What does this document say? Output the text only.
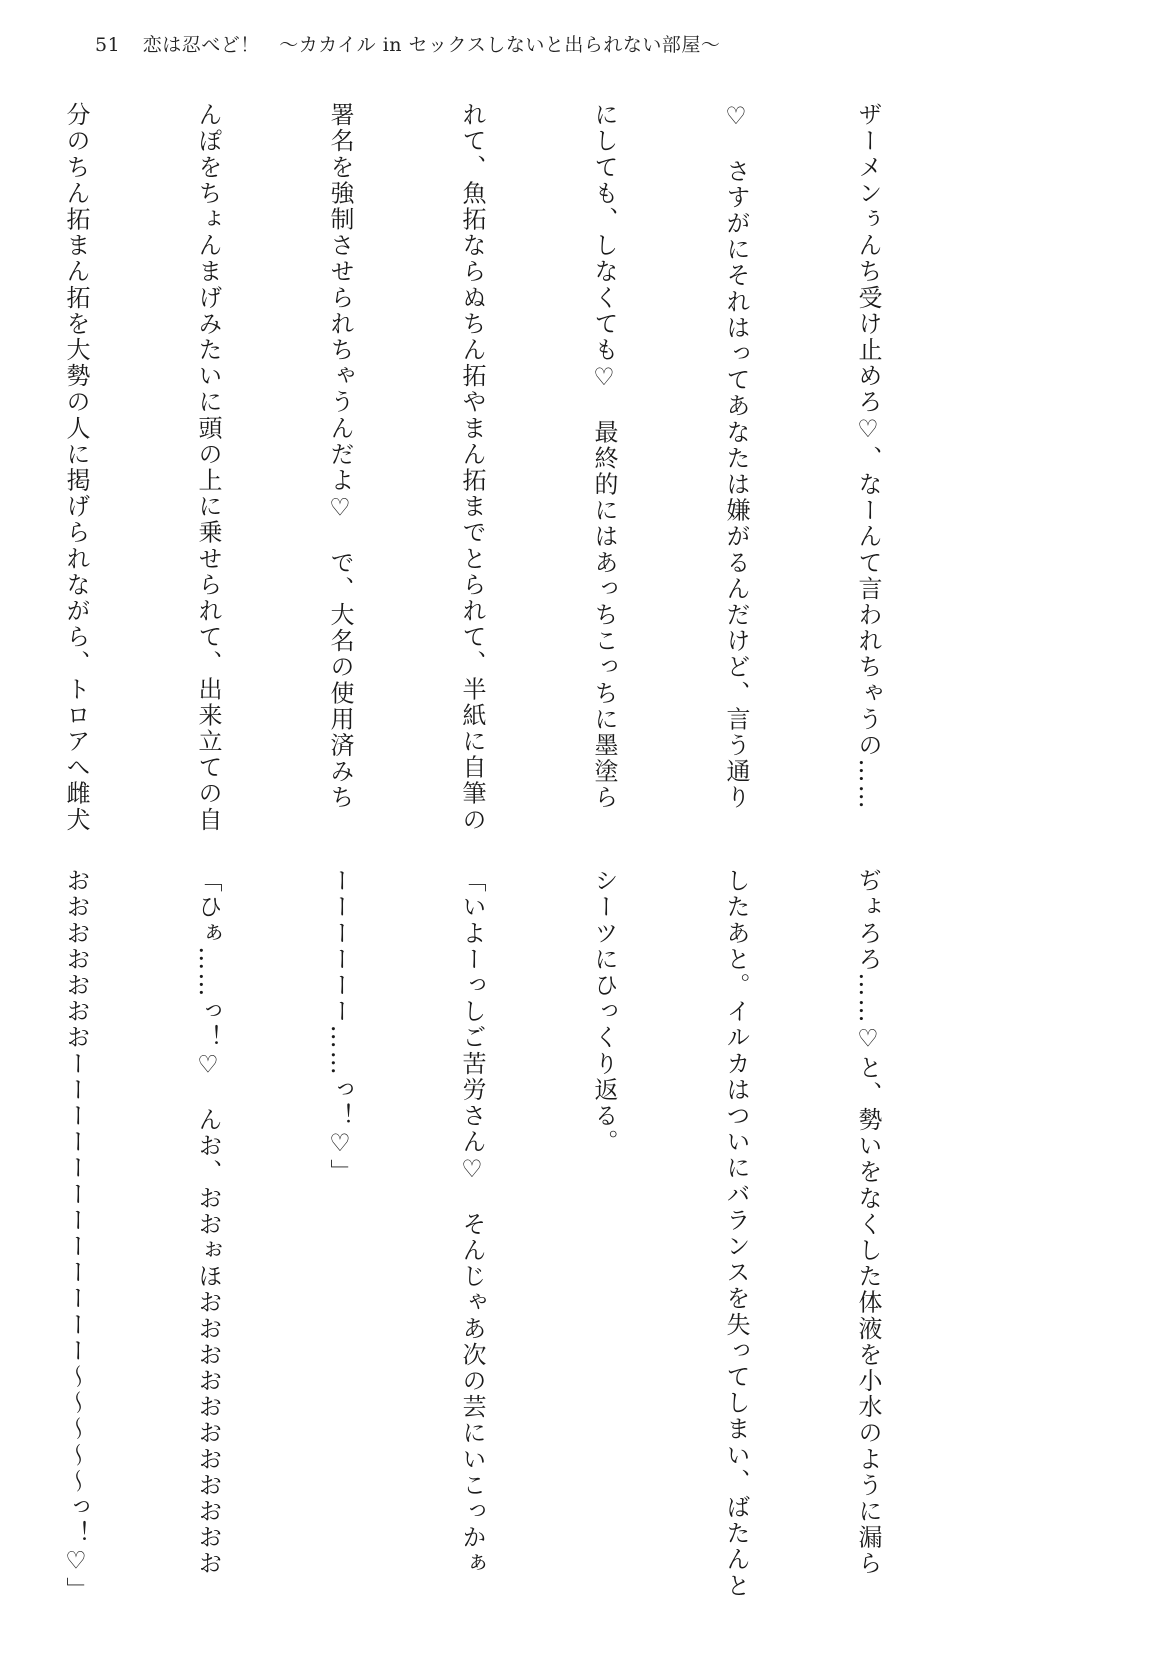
51 恋は忍べど！　〜カカイル in セックスしないと出られない部屋〜

ザーメンぅんち受け止めろ♡、なーんて言われちゃうの……

♡　さすがにそれはってあなたは嫌がるんだけど、言う通り

にしても、しなくても♡　最終的にはあっちこっちに墨塗ら

れて、魚拓ならぬちん拓やまん拓までとられて、半紙に自筆の

署名を強制させられちゃうんだよ♡　で、大名の使用済みち

んぽをちょんまげみたいに頭の上に乗せられて、出来立ての自

分のちん拓まん拓を大勢の人に掲げられながら、トロアへ雌犬

ぢょろろ……♡と、勢いをなくした体液を小水のように漏ら

したあと。イルカはついにバランスを失ってしまい、ばたんと

シーツにひっくり返る。

「いよーっしご苦労さん♡　そんじゃあ次の芸にいこっかぁ

ーーーーーー……っ！♡」

「ひぁ……っ！♡　んお、おおぉほおおおおおおおおおおお

おおおおおおおーーーーーーーーーーーー〜〜〜〜〜っ！♡」
